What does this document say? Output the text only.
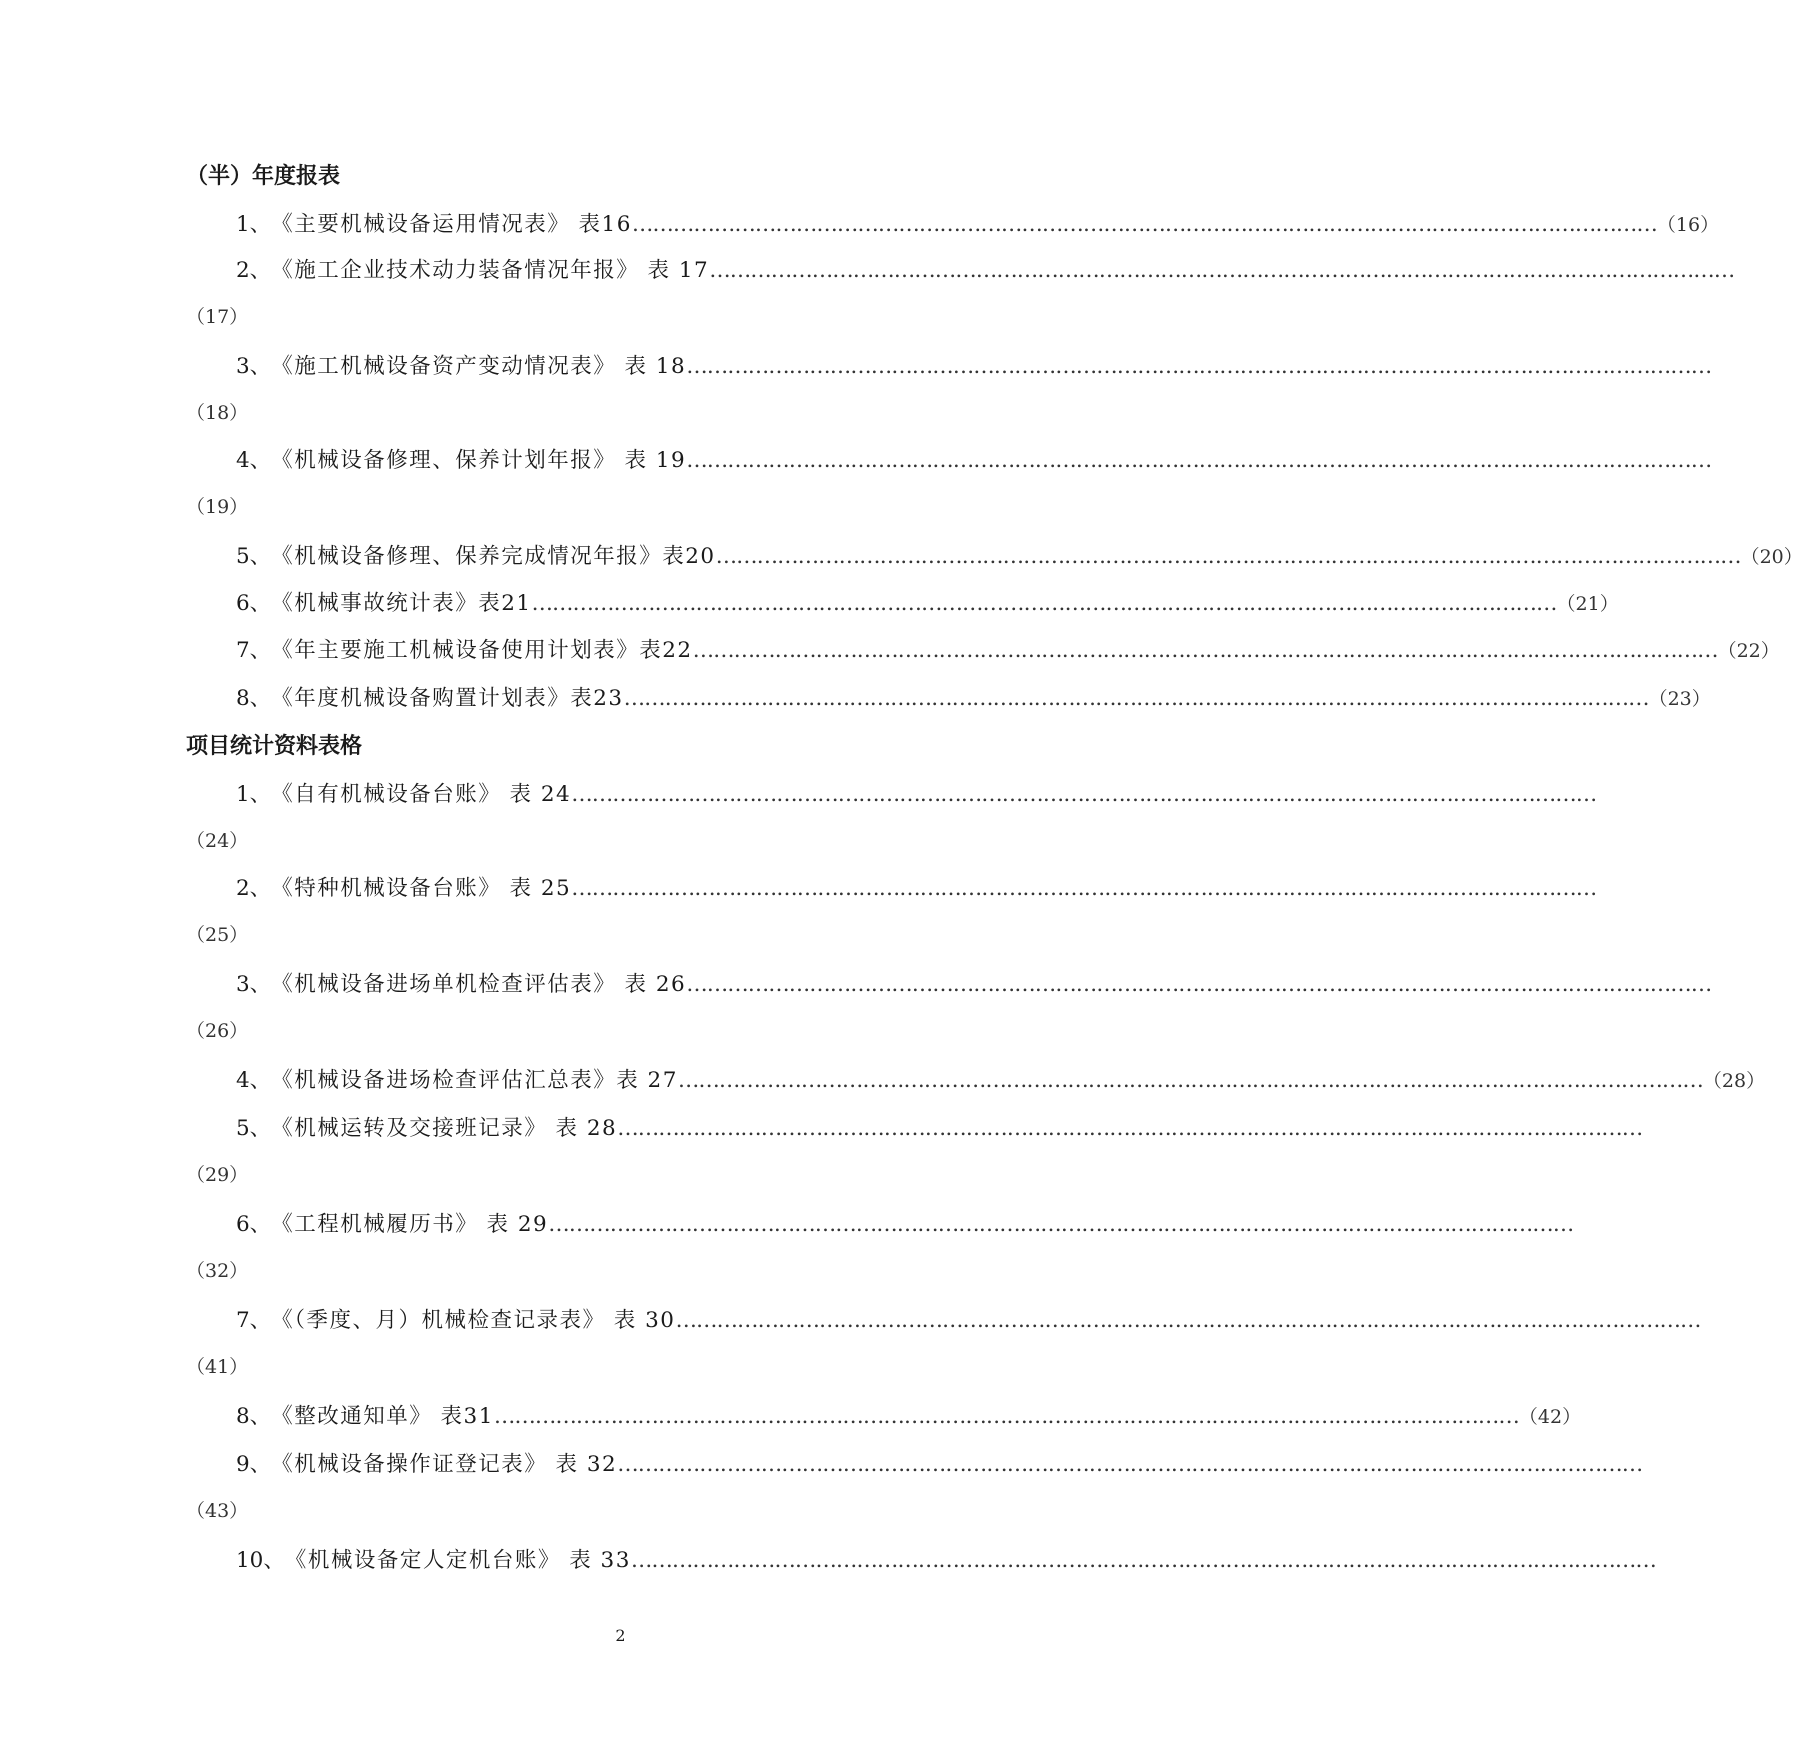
（半）年度报表
1、 《主要机械设备运用情况表》 表16 …………………………………………………………………………………………………………………………………… （16）
2、 《施工企业技术动力装备情况年报》 表 17 ……………………………………………………………………………………………………………………………………
（17）
3、 《施工机械设备资产变动情况表》 表 18 ……………………………………………………………………………………………………………………………………
（18）
4、 《机械设备修理、保养计划年报》 表 19 ……………………………………………………………………………………………………………………………………
（19）
5、 《机械设备修理、保养完成情况年报》表20 …………………………………………………………………………………………………………………………………… （20）
6、 《机械事故统计表》表21 …………………………………………………………………………………………………………………………………… （21）
7、 《年主要施工机械设备使用计划表》表22 …………………………………………………………………………………………………………………………………… （22）
8、 《年度机械设备购置计划表》表23 …………………………………………………………………………………………………………………………………… （23）
项目统计资料表格
1、 《自有机械设备台账》 表 24 ……………………………………………………………………………………………………………………………………
（24）
2、 《特种机械设备台账》 表 25 ……………………………………………………………………………………………………………………………………
（25）
3、 《机械设备进场单机检查评估表》 表 26 ……………………………………………………………………………………………………………………………………
（26）
4、 《机械设备进场检查评估汇总表》表 27 …………………………………………………………………………………………………………………………………… （28）
5、 《机械运转及交接班记录》 表 28 ……………………………………………………………………………………………………………………………………
（29）
6、 《工程机械履历书》 表 29 ……………………………………………………………………………………………………………………………………
（32）
7、 《（季度、月）机械检查记录表》 表 30 ……………………………………………………………………………………………………………………………………
（41）
8、 《整改通知单》 表31 …………………………………………………………………………………………………………………………………… （42）
9、 《机械设备操作证登记表》 表 32 ……………………………………………………………………………………………………………………………………
（43）
10、 《机械设备定人定机台账》 表 33 ……………………………………………………………………………………………………………………………………
2
